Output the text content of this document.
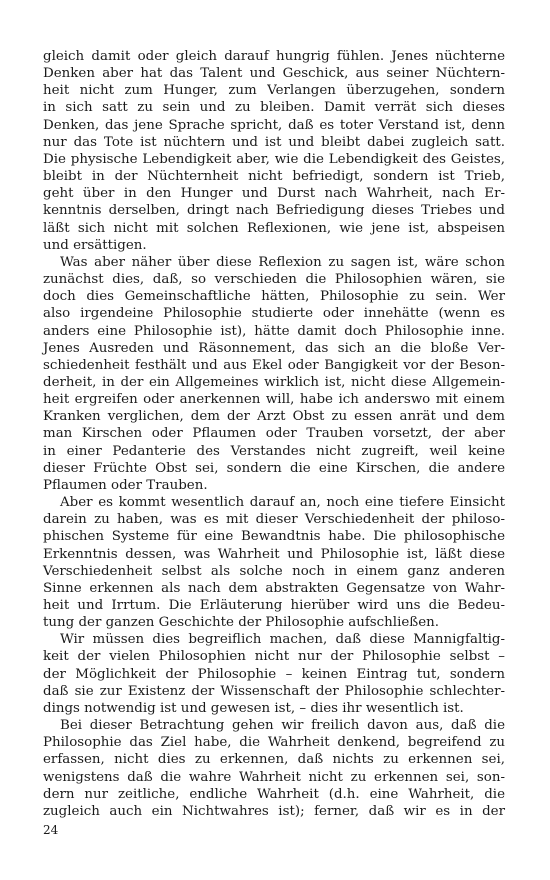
gleich damit oder gleich darauf hungrig fühlen. Jenes nüchterne
Denken aber hat das Talent und Geschick, aus seiner Nüchtern-
heit nicht zum Hunger, zum Verlangen überzugehen, sondern
in sich satt zu sein und zu bleiben. Damit verrät sich dieses
Denken, das jene Sprache spricht, daß es toter Verstand ist, denn
nur das Tote ist nüchtern und ist und bleibt dabei zugleich satt.
Die physische Lebendigkeit aber, wie die Lebendigkeit des Geistes,
bleibt in der Nüchternheit nicht befriedigt, sondern ist Trieb,
geht über in den Hunger und Durst nach Wahrheit, nach Er-
kenntnis derselben, dringt nach Befriedigung dieses Triebes und
läßt sich nicht mit solchen Reflexionen, wie jene ist, abspeisen
und ersättigen.

Was aber näher über diese Reflexion zu sagen ist, wäre schon
zunächst dies, daß, so verschieden die Philosophien wären, sie
doch dies Gemeinschaftliche hätten, Philosophie zu sein. Wer
also irgendeine Philosophie studierte oder innehätte (wenn es
anders eine Philosophie ist), hätte damit doch Philosophie inne.
Jenes Ausreden und Räsonnement, das sich an die bloße Ver-
schiedenheit festhält und aus Ekel oder Bangigkeit vor der Beson-
derheit, in der ein Allgemeines wirklich ist, nicht diese Allgemein-
heit ergreifen oder anerkennen will, habe ich anderswo mit einem
Kranken verglichen, dem der Arzt Obst zu essen anrät und dem
man Kirschen oder Pflaumen oder Trauben vorsetzt, der aber
in einer Pedanterie des Verstandes nicht zugreift, weil keine
dieser Früchte Obst sei, sondern die eine Kirschen, die andere
Pflaumen oder Trauben.

Aber es kommt wesentlich darauf an, noch eine tiefere Einsicht
darein zu haben, was es mit dieser Verschiedenheit der philoso-
phischen Systeme für eine Bewandtnis habe. Die philosophische
Erkenntnis dessen, was Wahrheit und Philosophie ist, läßt diese
Verschiedenheit selbst als solche noch in einem ganz anderen
Sinne erkennen als nach dem abstrakten Gegensatze von Wahr-
heit und Irrtum. Die Erläuterung hierüber wird uns die Bedeu-
tung der ganzen Geschichte der Philosophie aufschließen.

Wir müssen dies begreiflich machen, daß diese Mannigfaltig-
keit der vielen Philosophien nicht nur der Philosophie selbst –
der Möglichkeit der Philosophie – keinen Eintrag tut, sondern
daß sie zur Existenz der Wissenschaft der Philosophie schlechter-
dings notwendig ist und gewesen ist, – dies ihr wesentlich ist.

Bei dieser Betrachtung gehen wir freilich davon aus, daß die
Philosophie das Ziel habe, die Wahrheit denkend, begreifend zu
erfassen, nicht dies zu erkennen, daß nichts zu erkennen sei,
wenigstens daß die wahre Wahrheit nicht zu erkennen sei, son-
dern nur zeitliche, endliche Wahrheit (d.h. eine Wahrheit, die
zugleich auch ein Nichtwahres ist); ferner, daß wir es in der

24
